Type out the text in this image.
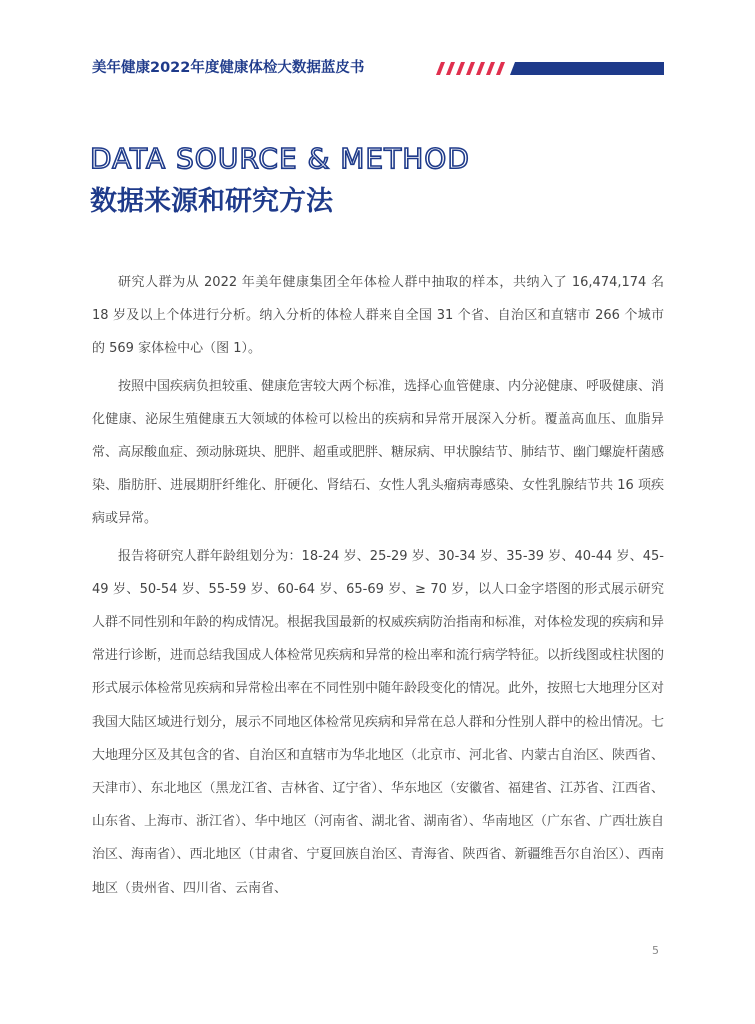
美年健康2022年度健康体检大数据蓝皮书
DATA SOURCE & METHOD
数据来源和研究方法

研究人群为从 2022 年美年健康集团全年体检人群中抽取的样本，共纳入了 16,474,174 名 18 岁及以上个体进行分析。纳入分析的体检人群来自全国 31 个省、自治区和直辖市 266 个城市的 569 家体检中心（图 1）。

按照中国疾病负担较重、健康危害较大两个标准，选择心血管健康、内分泌健康、呼吸健康、消化健康、泌尿生殖健康五大领域的体检可以检出的疾病和异常开展深入分析。覆盖高血压、血脂异常、高尿酸血症、颈动脉斑块、肥胖、超重或肥胖、糖尿病、甲状腺结节、肺结节、幽门螺旋杆菌感染、脂肪肝、进展期肝纤维化、肝硬化、肾结石、女性人乳头瘤病毒感染、女性乳腺结节共 16 项疾病或异常。

报告将研究人群年龄组划分为：18-24 岁、25-29 岁、30-34 岁、35-39 岁、40-44 岁、45-49 岁、50-54 岁、55-59 岁、60-64 岁、65-69 岁、≥ 70 岁，以人口金字塔图的形式展示研究人群不同性别和年龄的构成情况。根据我国最新的权威疾病防治指南和标准，对体检发现的疾病和异常进行诊断，进而总结我国成人体检常见疾病和异常的检出率和流行病学特征。以折线图或柱状图的形式展示体检常见疾病和异常检出率在不同性别中随年龄段变化的情况。此外，按照七大地理分区对我国大陆区域进行划分，展示不同地区体检常见疾病和异常在总人群和分性别人群中的检出情况。七大地理分区及其包含的省、自治区和直辖市为华北地区（北京市、河北省、内蒙古自治区、陕西省、天津市）、东北地区（黑龙江省、吉林省、辽宁省）、华东地区（安徽省、福建省、江苏省、江西省、山东省、上海市、浙江省）、华中地区（河南省、湖北省、湖南省）、华南地区（广东省、广西壮族自治区、海南省）、西北地区（甘肃省、宁夏回族自治区、青海省、陕西省、新疆维吾尔自治区）、西南地区（贵州省、四川省、云南省、

5
